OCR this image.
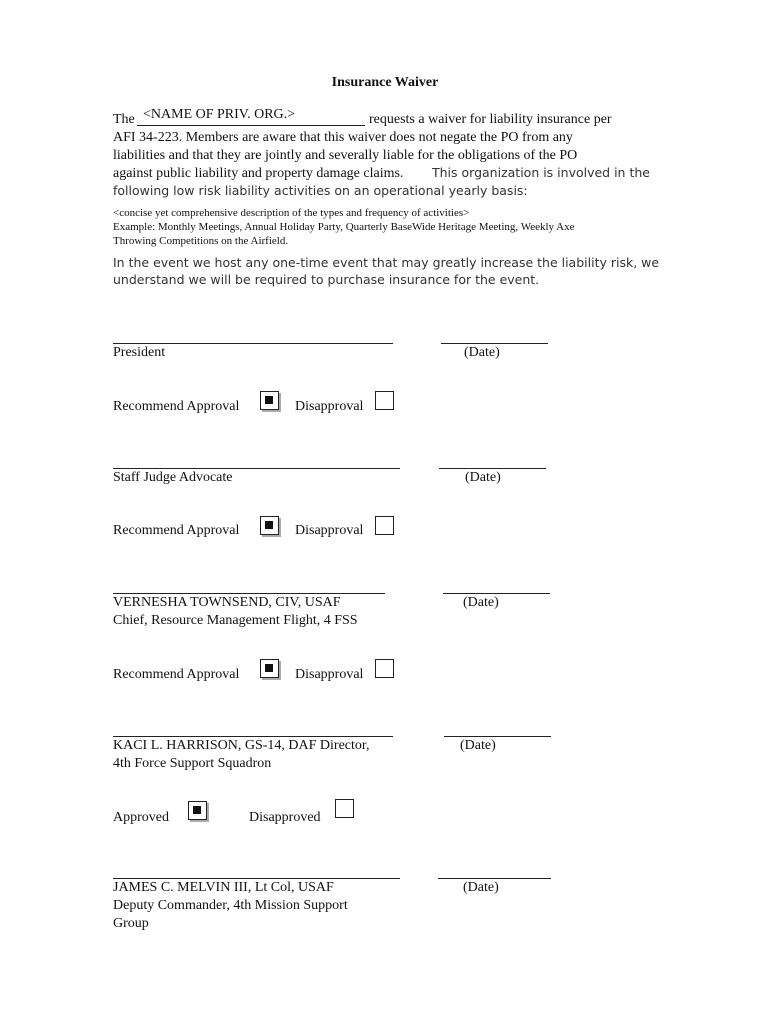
Insurance Waiver
The <NAME OF PRIV. ORG.>	requests a waiver for liability insurance per
AFI 34-223. Members are aware that this waiver does not negate the PO from any
liabilities and that they are jointly and severally liable for the obligations of the PO
against public liability and property damage claims. This organization is involved in the
following low risk liability activities on an operational yearly basis:
<concise yet comprehensive description of the types and frequency of activities>
Example: Monthly Meetings, Annual Holiday Party, Quarterly BaseWide Heritage Meeting, Weekly Axe
Throwing Competitions on the Airfield.
In the event we host any one-time event that may greatly increase the liability risk, we
understand we will be required to purchase insurance for the event.
President	(Date)
Recommend Approval	Disapproval
Staff Judge Advocate	(Date)
Recommend Approval	Disapproval
VERNESHA TOWNSEND, CIV, USAF
Chief, Resource Management Flight, 4 FSS
(Date)
Recommend Approval	Disapproval
KACI L. HARRISON, GS-14, DAF Director,
4th Force Support Squadron
(Date)
Approved	Disapproved
JAMES C. MELVIN III, Lt Col, USAF
Deputy Commander, 4th Mission Support
Group
(Date)
